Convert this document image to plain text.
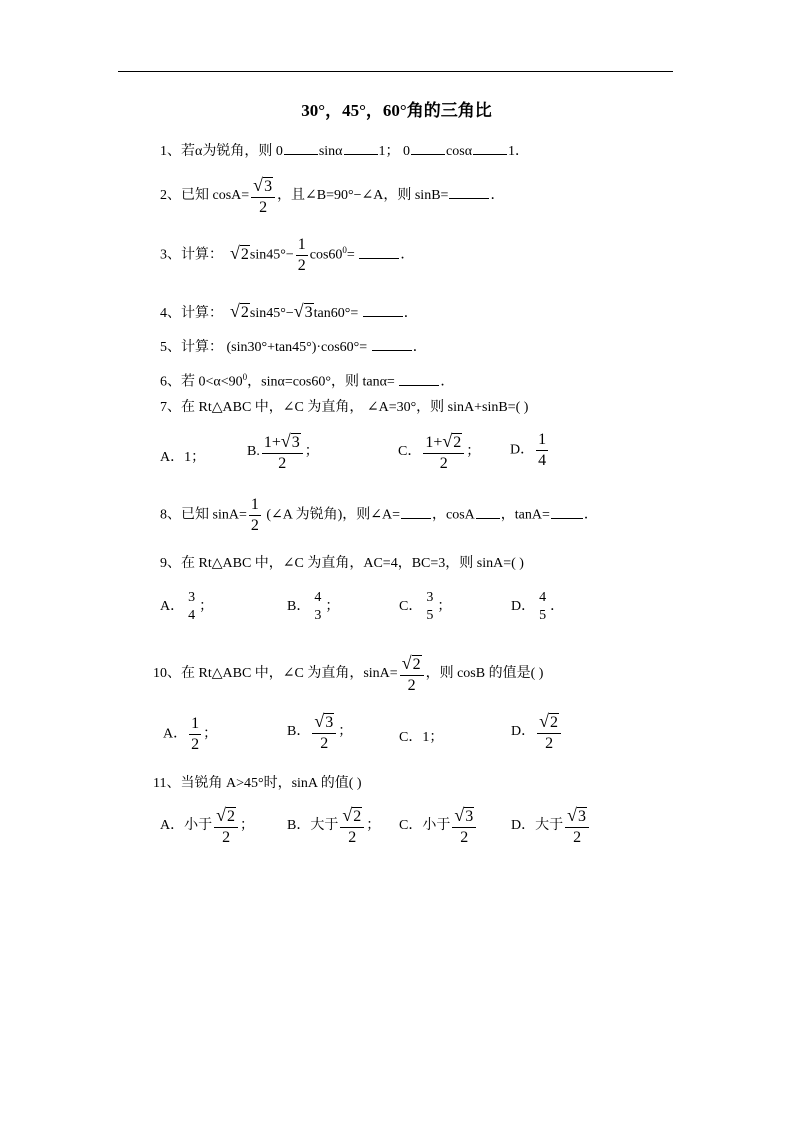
30°，45°，60°角的三角比
1、若α为锐角，则 0	sinα	1； 0	cosα	1．
2、已知 $\cos A= \frac{√3}{2}$ ，且∠B=90°−∠A，则 sinB=	．
3、计算： $√2\sin 45^\circ- \frac{1}{2} \cos 60^0=$	．
4、计算： √2sin45°−√3tan60°=	．
5、计算： (sin30°+tan45°)·cos60°=	．
6、若 $0<\alpha<90^0$，sinα=cos60°，则 tanα=	．
7、在 Rt△ABC 中，∠C 为直角， ∠A=30°，则 sinA+sinB=( )
A．1；	B. $\frac{1+√3}{2}$ ；	C． $\frac{1+√2}{2}$ ； D． $\frac{1}{4}$
8、已知 $\sin A= \frac{1}{2}$ (∠A 为锐角)，则∠A= ，cosA ，tanA= ．
9、在 Rt△ABC 中，∠C 为直角，AC=4，BC=3，则 sinA=( )
A．
3
4
；	B．
4
3
；	C．
3
5
；	D．
4
5
．
10、在 Rt△ABC 中，∠C 为直角，$\sin A= \frac{√2}{2}$ ，则 cosB 的值是( )
A． $\frac{1}{2}$ ；	B． $\frac{√3}{2}$ ；	C．1；	D． $\frac{√2}{2}$
11、当锐角 A>45°时，sinA 的值( )
A．小于 $\frac{√2}{2}$ ； B．大于 $\frac{√2}{2}$ ； C．小于 $\frac{√3}{2}$ D．大于 $\frac{√3}{2}$
